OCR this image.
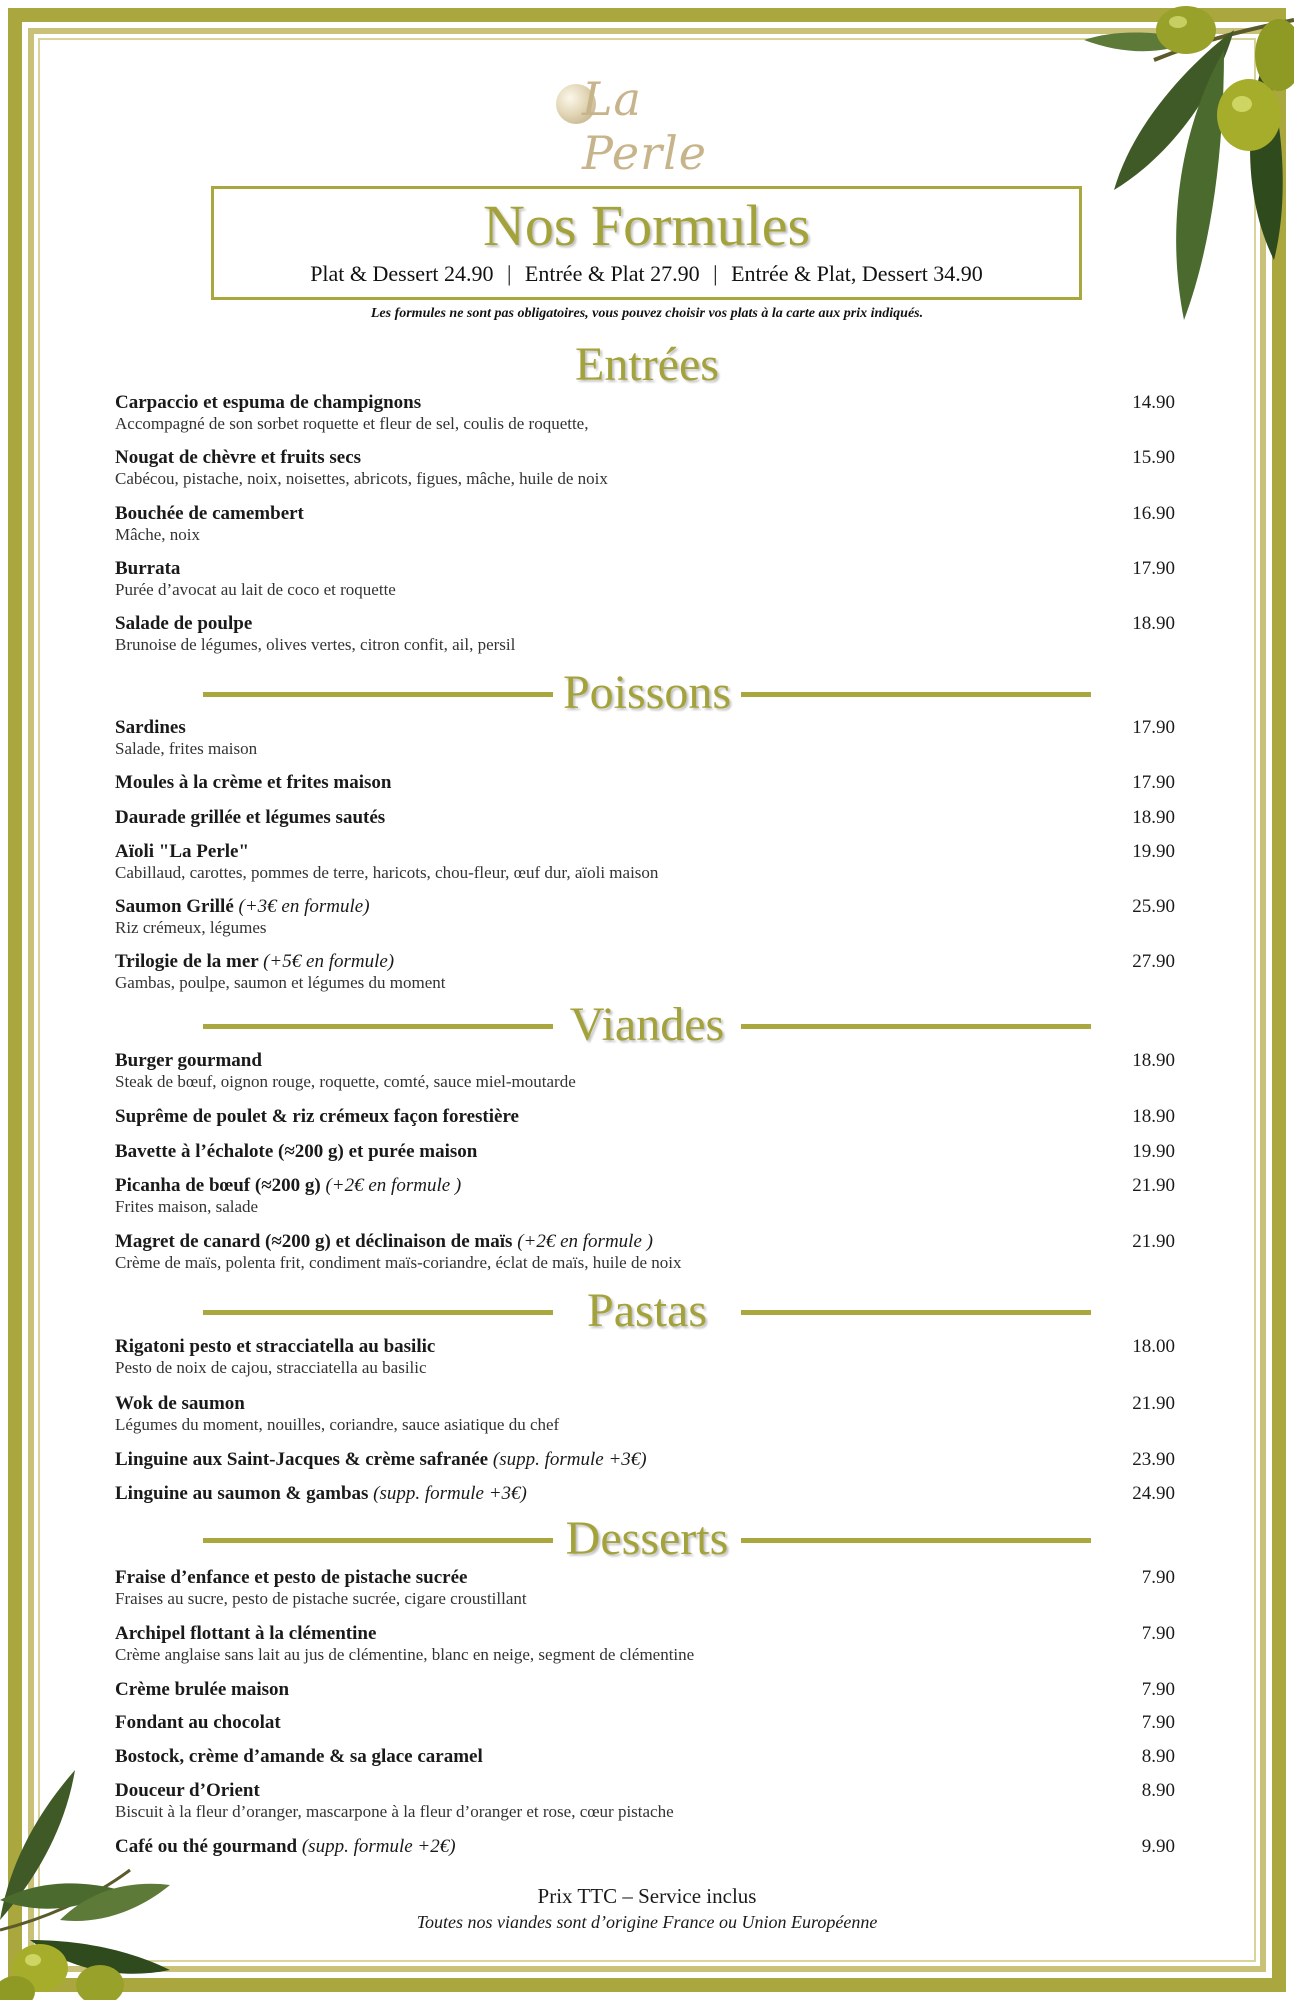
La Perle
Nos Formules
Plat & Dessert 24.90 | Entrée & Plat 27.90 | Entrée & Plat, Dessert 34.90
Les formules ne sont pas obligatoires, vous pouvez choisir vos plats à la carte aux prix indiqués.
Entrées
Carpaccio et espuma de champignons
Accompagné de son sorbet roquette et fleur de sel, coulis de roquette,
14.90
Nougat de chèvre et fruits secs
Cabécou, pistache, noix, noisettes, abricots, figues, mâche, huile de noix
15.90
Bouchée de camembert
Mâche, noix
16.90
Burrata
Purée d’avocat au lait de coco et roquette
17.90
Salade de poulpe
Brunoise de légumes, olives vertes, citron confit, ail, persil
18.90
Poissons
Sardines
Salade, frites maison
17.90
Moules à la crème et frites maison	17.90
Daurade grillée et légumes sautés	18.90
Aïoli "La Perle"
Cabillaud, carottes, pommes de terre, haricots, chou-fleur, œuf dur, aïoli maison
19.90
Saumon Grillé (+3€ en formule)
Riz crémeux, légumes
25.90
Trilogie de la mer (+5€ en formule)
Gambas, poulpe, saumon et légumes du moment
27.90
Viandes
Burger gourmand
Steak de bœuf, oignon rouge, roquette, comté, sauce miel-moutarde
18.90
Suprême de poulet & riz crémeux façon forestière	18.90
Bavette à l’échalote (≈200 g) et purée maison	19.90
Picanha de bœuf (≈200 g) (+2€ en formule )
Frites maison, salade
21.90
Magret de canard (≈200 g) et déclinaison de maïs (+2€ en formule )
Crème de maïs, polenta frit, condiment maïs-coriandre, éclat de maïs, huile de noix
21.90
Pastas
Rigatoni pesto et stracciatella au basilic
Pesto de noix de cajou, stracciatella au basilic
18.00
Wok de saumon
Légumes du moment, nouilles, coriandre, sauce asiatique du chef
21.90
Linguine aux Saint-Jacques & crème safranée (supp. formule +3€)	23.90
Linguine au saumon & gambas (supp. formule +3€)	24.90
Desserts
Fraise d’enfance et pesto de pistache sucrée
Fraises au sucre, pesto de pistache sucrée, cigare croustillant
7.90
Archipel flottant à la clémentine
Crème anglaise sans lait au jus de clémentine, blanc en neige, segment de clémentine
7.90
Crème brulée maison	7.90
Fondant au chocolat	7.90
Bostock, crème d’amande & sa glace caramel	8.90
Douceur d’Orient
Biscuit à la fleur d’oranger, mascarpone à la fleur d’oranger et rose, cœur pistache
8.90
Café ou thé gourmand (supp. formule +2€)	9.90
Prix TTC – Service inclus
Toutes nos viandes sont d’origine France ou Union Européenne
